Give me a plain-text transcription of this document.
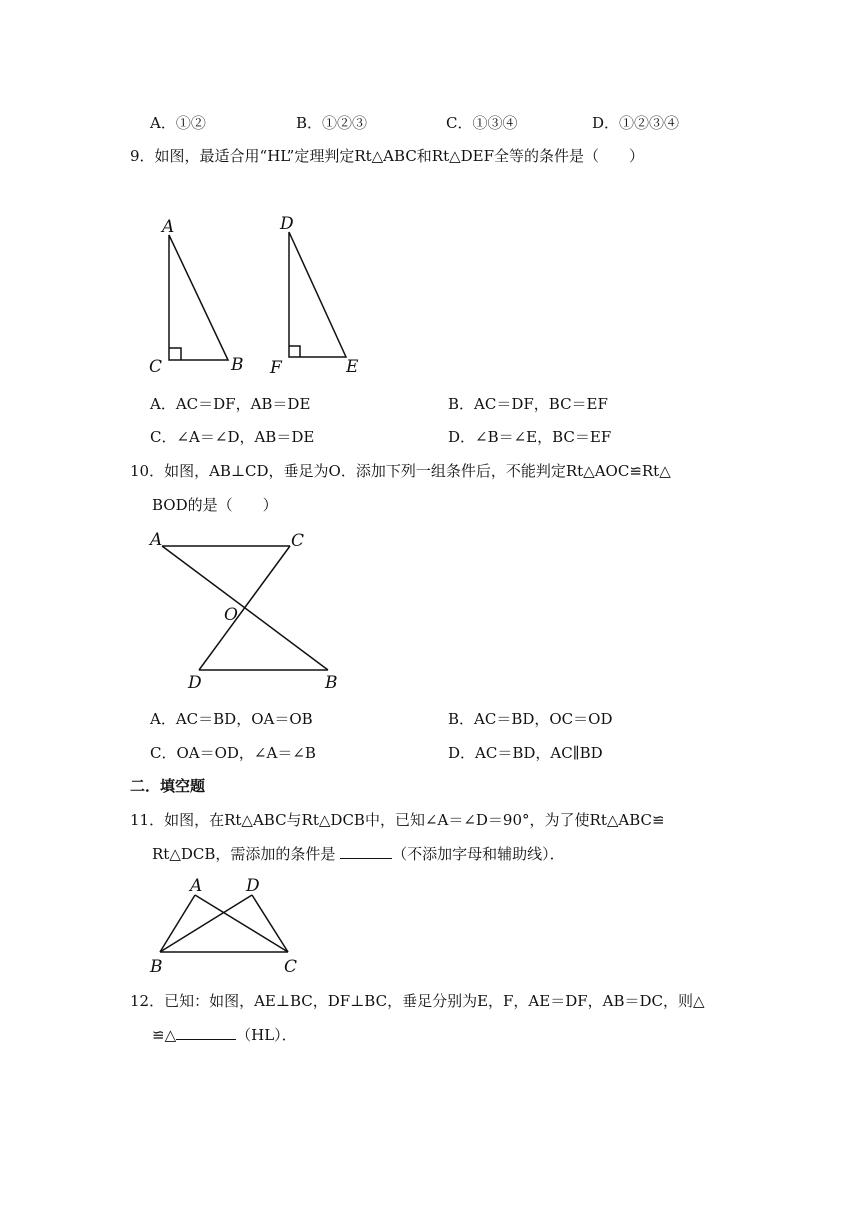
A．①②	B．①②③	C．①③④	D．①②③④
9．如图，最适合用“HL”定理判定Rt△ABC和Rt△DEF全等的条件是（　　）
A
C	B
D
F	E
A．AC＝DF，AB＝DE	B．AC＝DF，BC＝EF
C．∠A＝∠D，AB＝DE	D．∠B＝∠E，BC＝EF
10．如图，AB⊥CD，垂足为O．添加下列一组条件后，不能判定Rt△AOC≌Rt△
BOD的是（　　）
A	C
O
D	B
A．AC＝BD，OA＝OB	B．AC＝BD，OC＝OD
C．OA＝OD，∠A＝∠B	D．AC＝BD，AC∥BD
二．填空题
11．如图，在Rt△ABC与Rt△DCB中，已知∠A＝∠D＝90°，为了使Rt△ABC≌
Rt△DCB，需添加的条件是	（不添加字母和辅助线）．
A	D
B	C
12．已知：如图，AE⊥BC，DF⊥BC，垂足分别为E，F，AE＝DF，AB＝DC，则△
≌△	（HL）．
